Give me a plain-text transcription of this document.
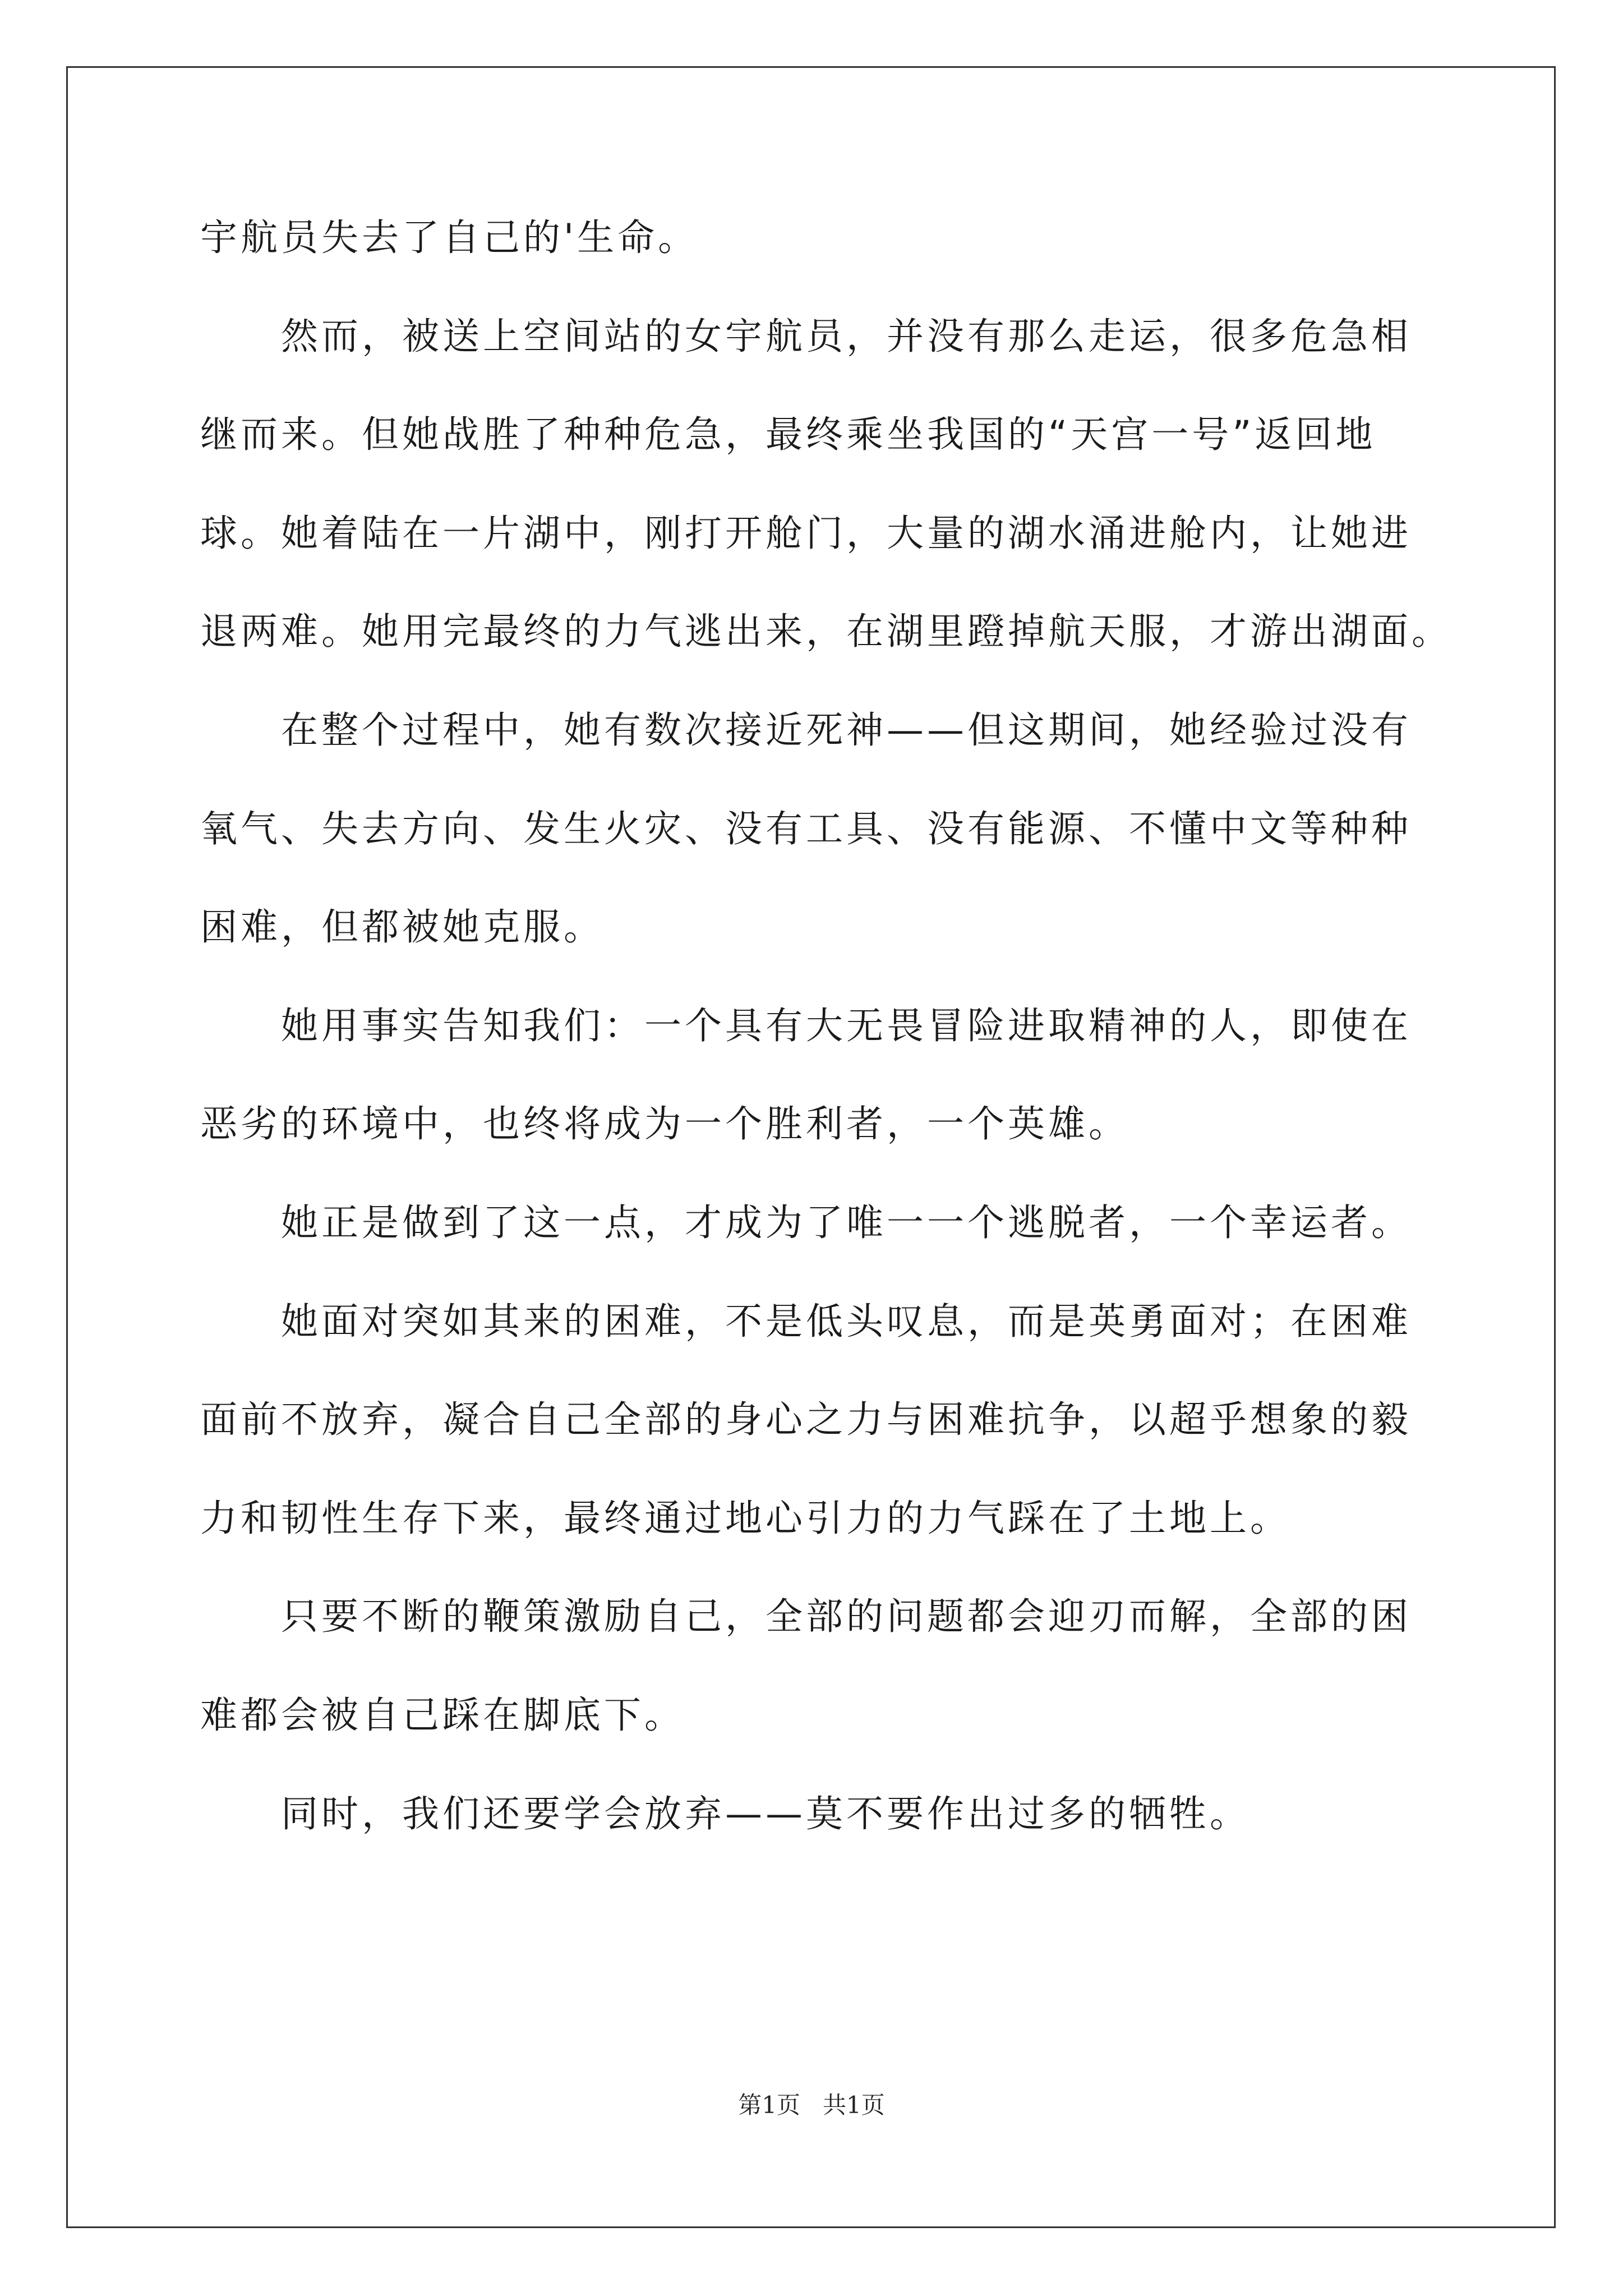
宇航员失去了自己的'生命。
然而，被送上空间站的女宇航员，并没有那么走运，很多危急相
继而来。但她战胜了种种危急，最终乘坐我国的“天宫一号”返回地
球。她着陆在一片湖中，刚打开舱门，大量的湖水涌进舱内，让她进
退两难。她用完最终的力气逃出来，在湖里蹬掉航天服，才游出湖面。
在整个过程中，她有数次接近死神——但这期间，她经验过没有
氧气、失去方向、发生火灾、没有工具、没有能源、不懂中文等种种
困难，但都被她克服。
她用事实告知我们：一个具有大无畏冒险进取精神的人，即使在
恶劣的环境中，也终将成为一个胜利者，一个英雄。
她正是做到了这一点，才成为了唯一一个逃脱者，一个幸运者。
她面对突如其来的困难，不是低头叹息，而是英勇面对；在困难
面前不放弃，凝合自己全部的身心之力与困难抗争，以超乎想象的毅
力和韧性生存下来，最终通过地心引力的力气踩在了土地上。
只要不断的鞭策激励自己，全部的问题都会迎刃而解，全部的困
难都会被自己踩在脚底下。
同时，我们还要学会放弃——莫不要作出过多的牺牲。
第1页   共1页
